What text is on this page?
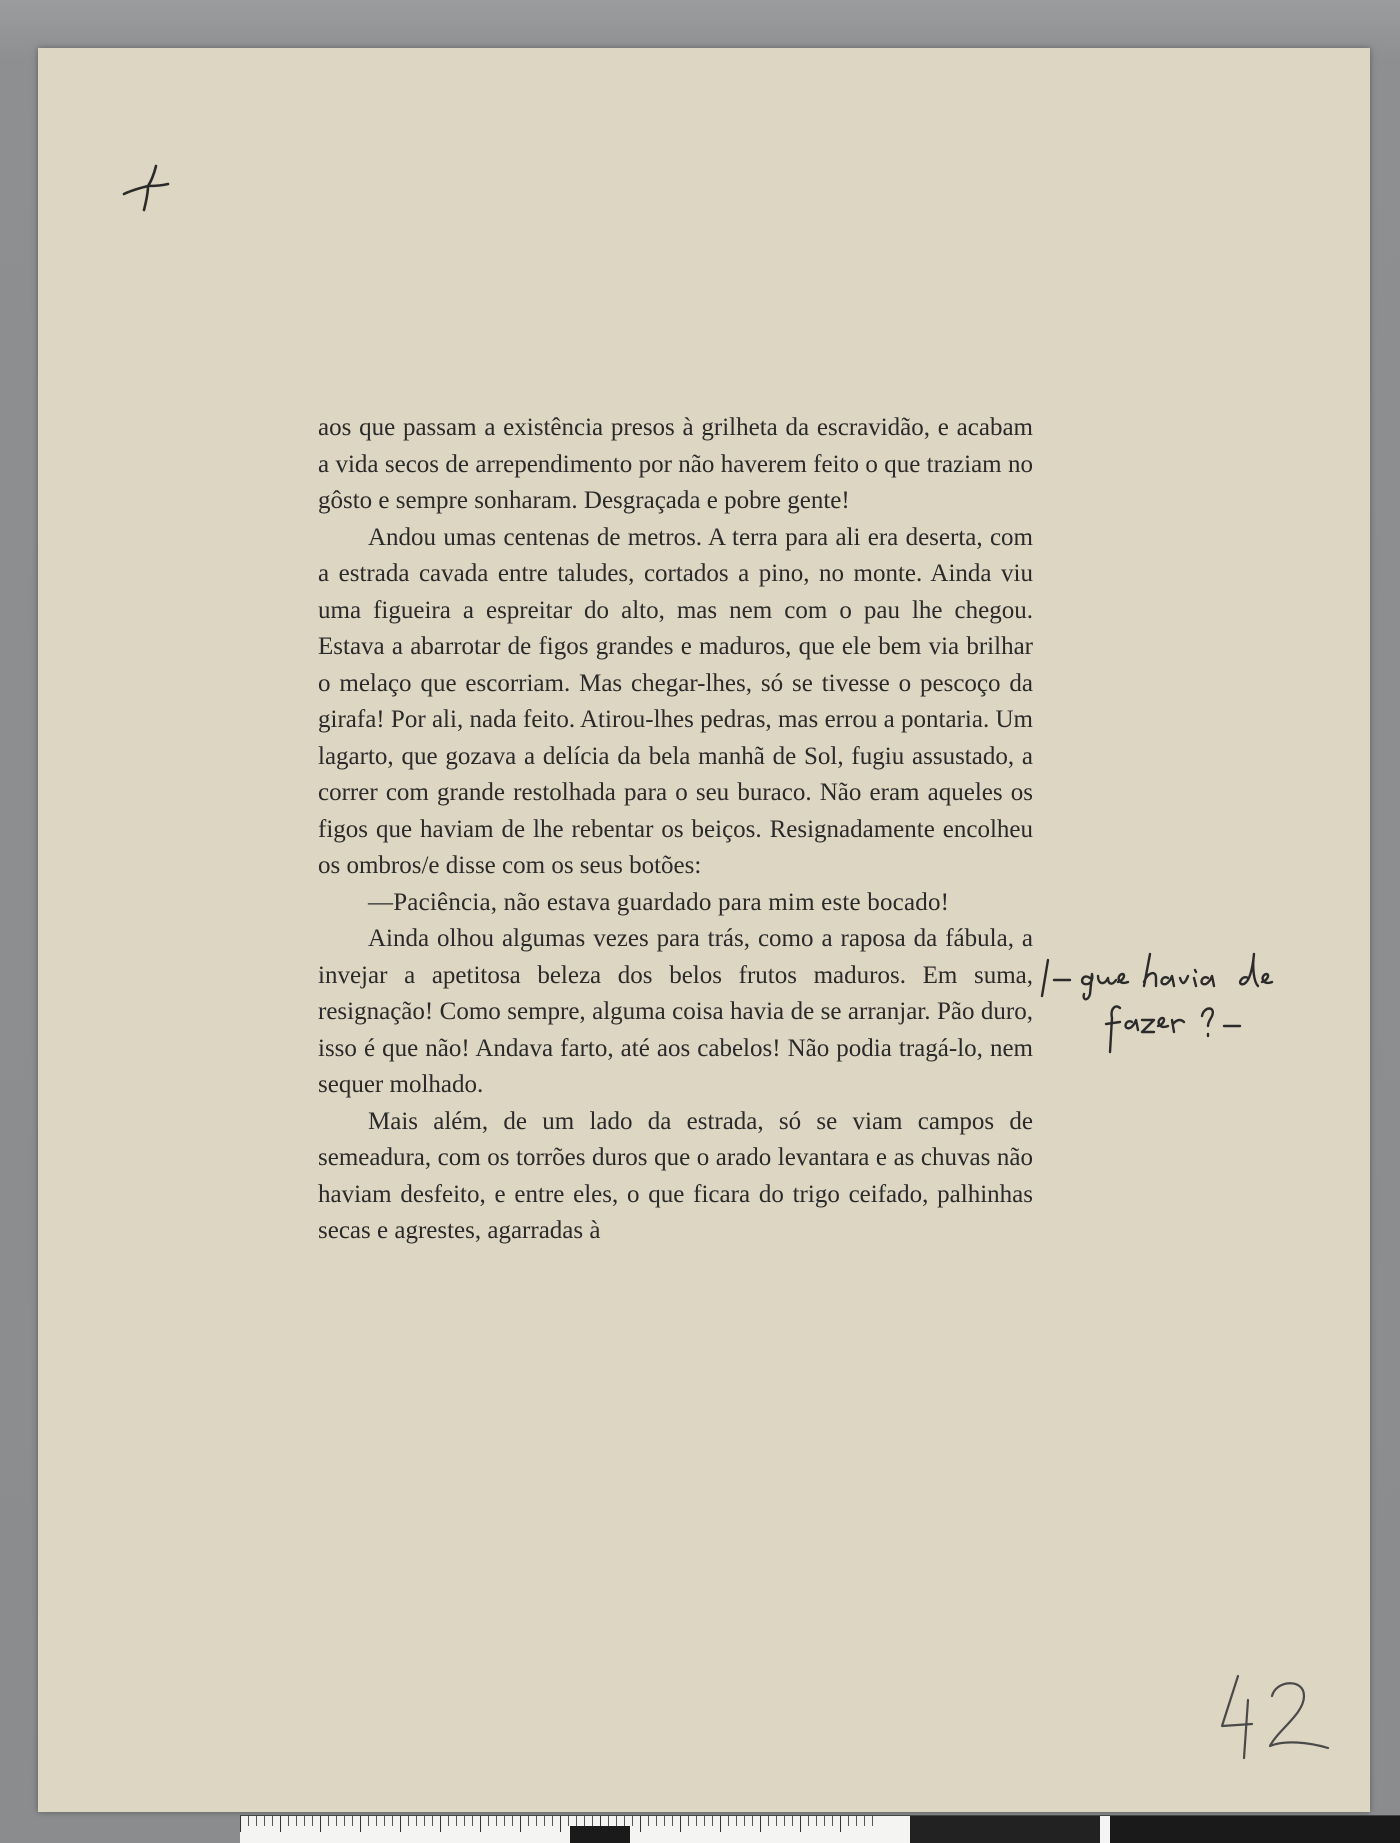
aos que passam a existência presos à grilheta da escravidão, e acabam a vida secos de arrependimento por não haverem feito o que traziam no gôsto e sempre sonharam. Desgraçada e pobre gente!

Andou umas centenas de metros. A terra para ali era deserta, com a estrada cavada entre taludes, cortados a pino, no monte. Ainda viu uma figueira a espreitar do alto, mas nem com o pau lhe chegou. Estava a abarrotar de figos grandes e maduros, que ele bem via brilhar o melaço que escorriam. Mas chegar-lhes, só se tivesse o pescoço da girafa! Por ali, nada feito. Atirou-lhes pedras, mas errou a pontaria. Um lagarto, que gozava a delícia da bela manhã de Sol, fugiu assustado, a correr com grande restolhada para o seu buraco. Não eram aqueles os figos que haviam de lhe rebentar os beiços. Resignadamente encolheu os ombros/e disse com os seus botões:

—Paciência, não estava guardado para mim este bocado!

Ainda olhou algumas vezes para trás, como a raposa da fábula, a invejar a apetitosa beleza dos belos frutos maduros. Em suma, resignação! Como sempre, alguma coisa havia de se arranjar. Pão duro, isso é que não! Andava farto, até aos cabelos! Não podia tragá-lo, nem sequer molhado.

Mais além, de um lado da estrada, só se viam campos de semeadura, com os torrões duros que o arado levantara e as chuvas não haviam desfeito, e entre eles, o que ficara do trigo ceifado, palhinhas secas e agrestes, agarradas à
